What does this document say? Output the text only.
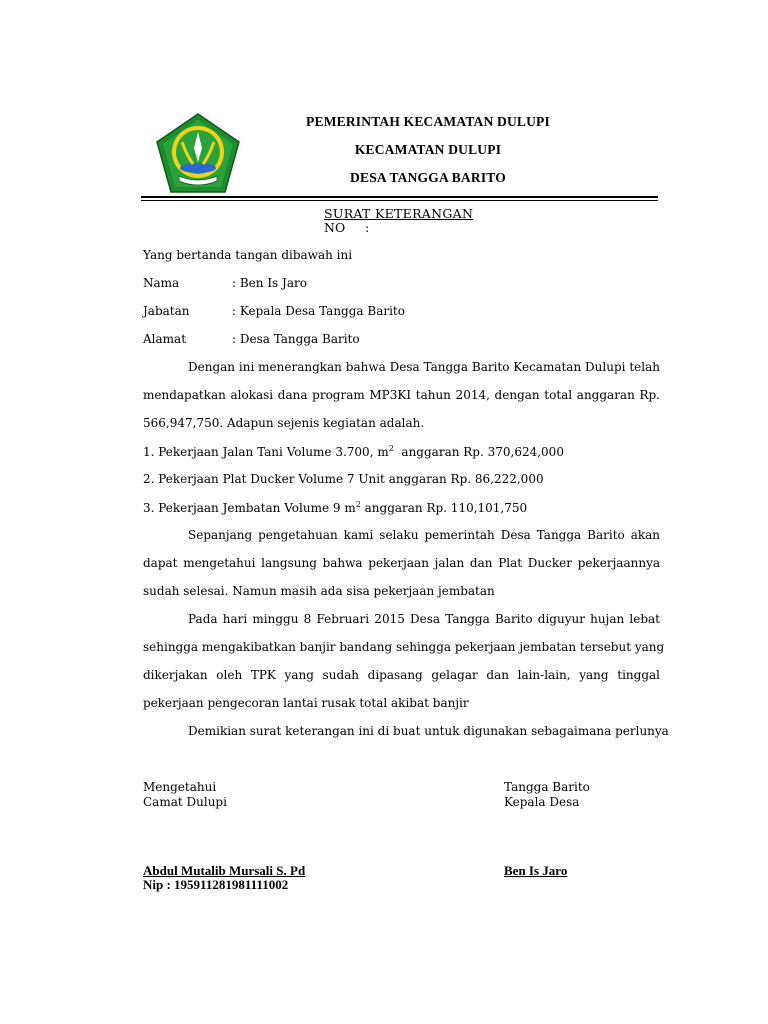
PEMERINTAH KECAMATAN DULUPI
KECAMATAN DULUPI
DESA TANGGA BARITO
SURAT KETERANGAN
NO     :
Yang bertanda tangan dibawah ini
Nama	: Ben Is Jaro
Jabatan	: Kepala Desa Tangga Barito
Alamat	: Desa Tangga Barito
Dengan ini menerangkan bahwa Desa Tangga Barito Kecamatan Dulupi telah
mendapatkan alokasi dana program MP3KI tahun 2014, dengan total anggaran Rp.
566,947,750. Adapun sejenis kegiatan adalah.
1. Pekerjaan Jalan Tani Volume 3.700, $m^2$  anggaran Rp. 370,624,000
2. Pekerjaan Plat Ducker Volume 7 Unit anggaran Rp. 86,222,000
3. Pekerjaan Jembatan Volume 9 $m^2$ anggaran Rp. 110,101,750
Sepanjang pengetahuan kami selaku pemerintah Desa Tangga Barito akan
dapat mengetahui langsung bahwa pekerjaan jalan dan Plat Ducker pekerjaannya
sudah selesai. Namun masih ada sisa pekerjaan jembatan
Pada hari minggu 8 Februari 2015 Desa Tangga Barito diguyur hujan lebat
sehingga mengakibatkan banjir bandang sehingga pekerjaan jembatan tersebut yang
dikerjakan oleh TPK yang sudah dipasang gelagar dan lain-lain, yang tinggal
pekerjaan pengecoran lantai rusak total akibat banjir
Demikian surat keterangan ini di buat untuk digunakan sebagaimana perlunya
Mengetahui
Camat Dulupi
Tangga Barito
Kepala Desa
Abdul Mutalib Mursali S. Pd
Nip : 195911281981111002
Ben Is Jaro
